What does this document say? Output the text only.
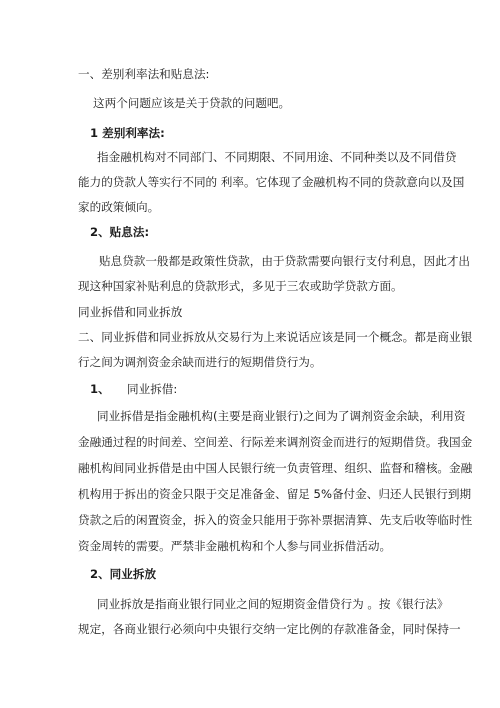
一、差别利率法和贴息法:
这两个问题应该是关于贷款的问题吧。
1 差别利率法:
指金融机构对不同部门、不同期限、不同用途、不同种类以及不同借贷
能力的贷款人等实行不同的 利率。它体现了金融机构不同的贷款意向以及国
家的政策倾向。
2、贴息法:
贴息贷款一般都是政策性贷款，由于贷款需要向银行支付利息，因此才出
现这种国家补贴利息的贷款形式，多见于三农或助学贷款方面。
同业拆借和同业拆放
二、同业拆借和同业拆放从交易行为上来说话应该是同一个概念。都是商业银
行之间为调剂资金余缺而进行的短期借贷行为。
1、 同业拆借:
同业拆借是指金融机构(主要是商业银行)之间为了调剂资金余缺，利用资
金融通过程的时间差、空间差、行际差来调剂资金而进行的短期借贷。我国金
融机构间同业拆借是由中国人民银行统一负责管理、组织、监督和稽核。金融
机构用于拆出的资金只限于交足准备金、留足 5%备付金、归还人民银行到期
贷款之后的闲置资金，拆入的资金只能用于弥补票据清算、先支后收等临时性
资金周转的需要。严禁非金融机构和个人参与同业拆借活动。
2、同业拆放
同业拆放是指商业银行同业之间的短期资金借贷行为 。按《银行法》
规定，各商业银行必须向中央银行交纳一定比例的存款准备金，同时保持一
